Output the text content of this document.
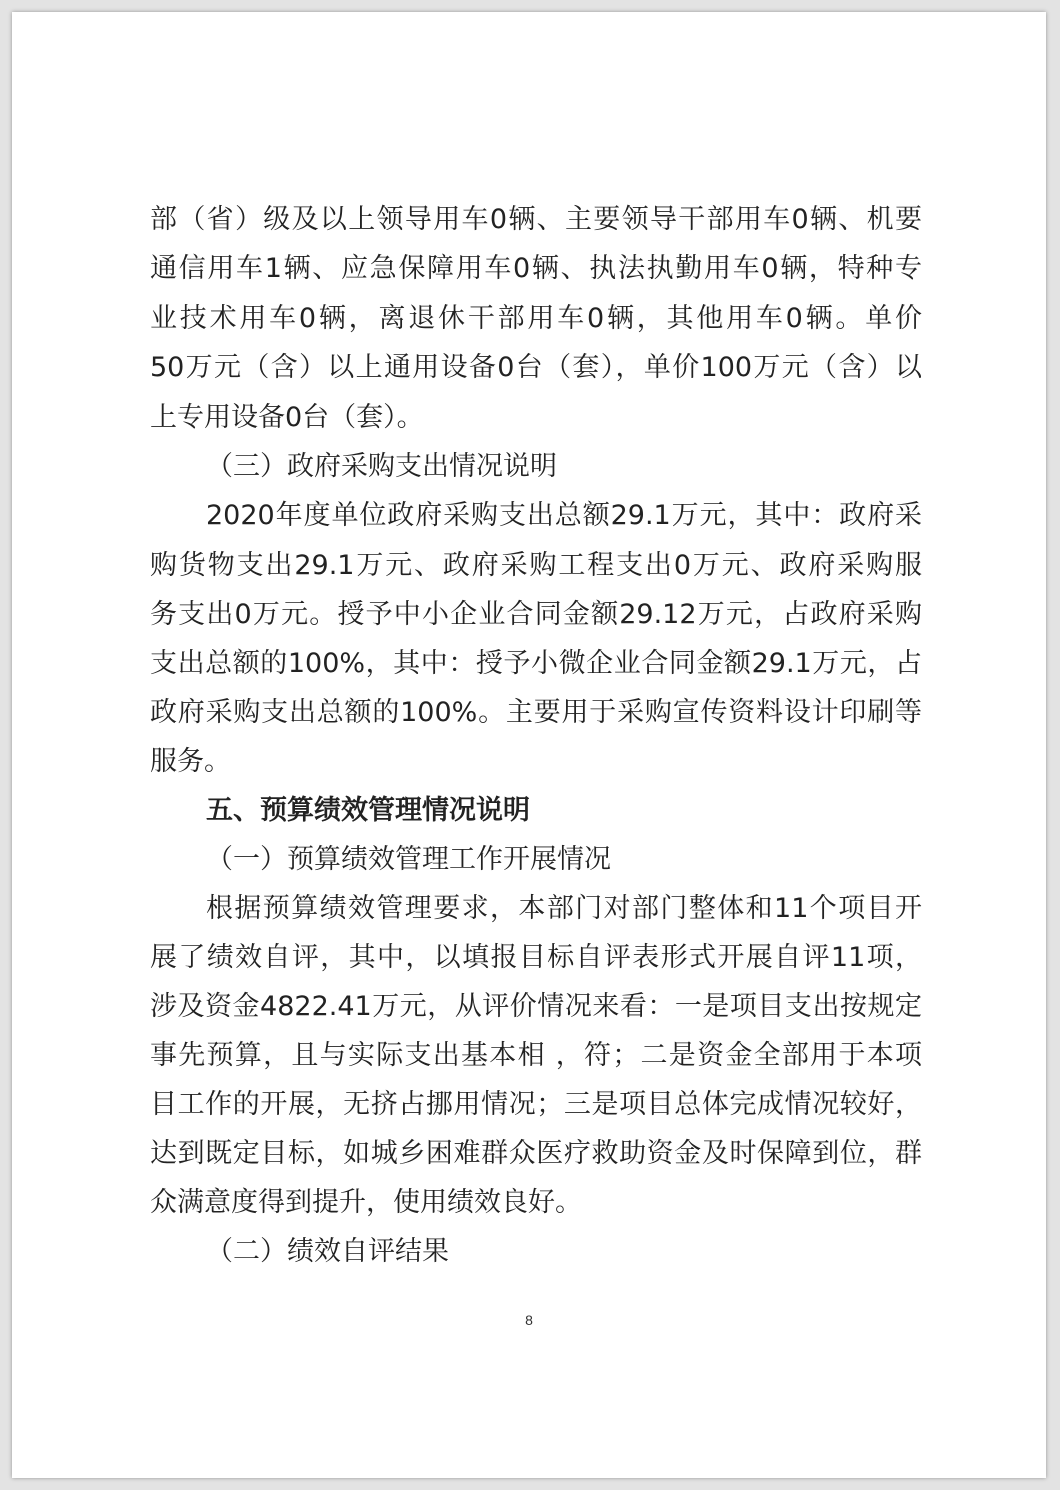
部（省）级及以上领导用车0辆、主要领导干部用车0辆、机要
通信用车1辆、应急保障用车0辆、执法执勤用车0辆，特种专
业技术用车0辆，离退休干部用车0辆，其他用车0辆。单价
50万元（含）以上通用设备0台（套），单价100万元（含）以
上专用设备0台（套）。
（三）政府采购支出情况说明
2020年度单位政府采购支出总额29.1万元，其中：政府采
购货物支出29.1万元、政府采购工程支出0万元、政府采购服
务支出0万元。授予中小企业合同金额29.12万元，占政府采购
支出总额的100%，其中：授予小微企业合同金额29.1万元，占
政府采购支出总额的100%。主要用于采购宣传资料设计印刷等
服务。
五、预算绩效管理情况说明
（一）预算绩效管理工作开展情况
根据预算绩效管理要求，本部门对部门整体和11个项目开
展了绩效自评，其中，以填报目标自评表形式开展自评11项，
涉及资金4822.41万元，从评价情况来看：一是项目支出按规定
事先预算，且与实际支出基本相 ，符；二是资金全部用于本项
目工作的开展，无挤占挪用情况；三是项目总体完成情况较好，
达到既定目标，如城乡困难群众医疗救助资金及时保障到位，群
众满意度得到提升，使用绩效良好。
（二）绩效自评结果
8
